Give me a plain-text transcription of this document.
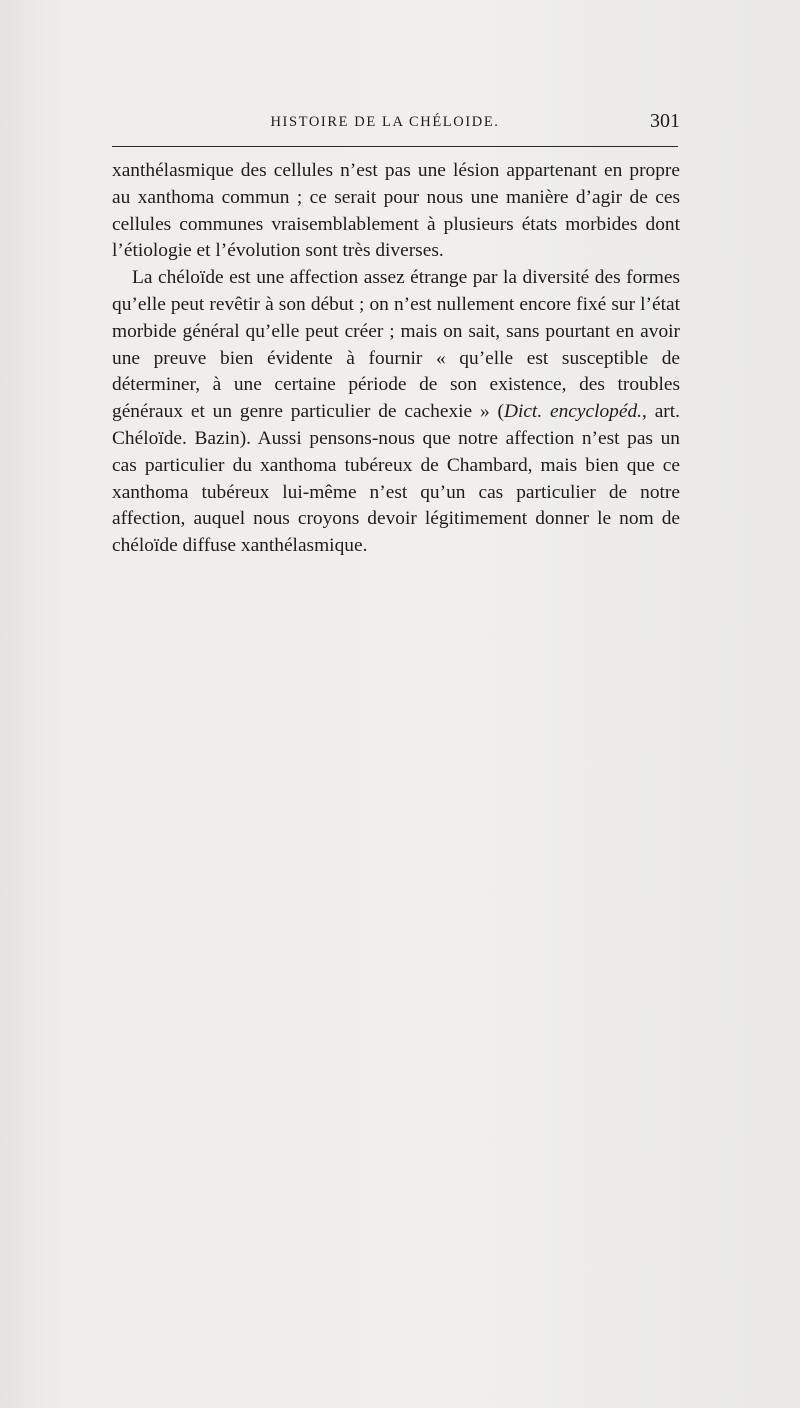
HISTOIRE DE LA CHÉLOIDE.	301

xanthélasmique des cellules n’est pas une lésion appartenant en propre au xanthoma commun ; ce serait pour nous une manière d’agir de ces cellules communes vraisemblablement à plusieurs états morbides dont l’étiologie et l’évolution sont très diverses.

La chéloïde est une affection assez étrange par la diversité des formes qu’elle peut revêtir à son début ; on n’est nullement encore fixé sur l’état morbide général qu’elle peut créer ; mais on sait, sans pourtant en avoir une preuve bien évidente à fournir « qu’elle est susceptible de déterminer, à une certaine période de son existence, des troubles généraux et un genre particulier de cachexie » (Dict. encyclopéd., art. Chéloïde. Bazin). Aussi pensons-nous que notre affection n’est pas un cas particulier du xanthoma tubéreux de Chambard, mais bien que ce xanthoma tubéreux lui-même n’est qu’un cas particulier de notre affection, auquel nous croyons devoir légitimement donner le nom de chéloïde diffuse xanthélasmique.
